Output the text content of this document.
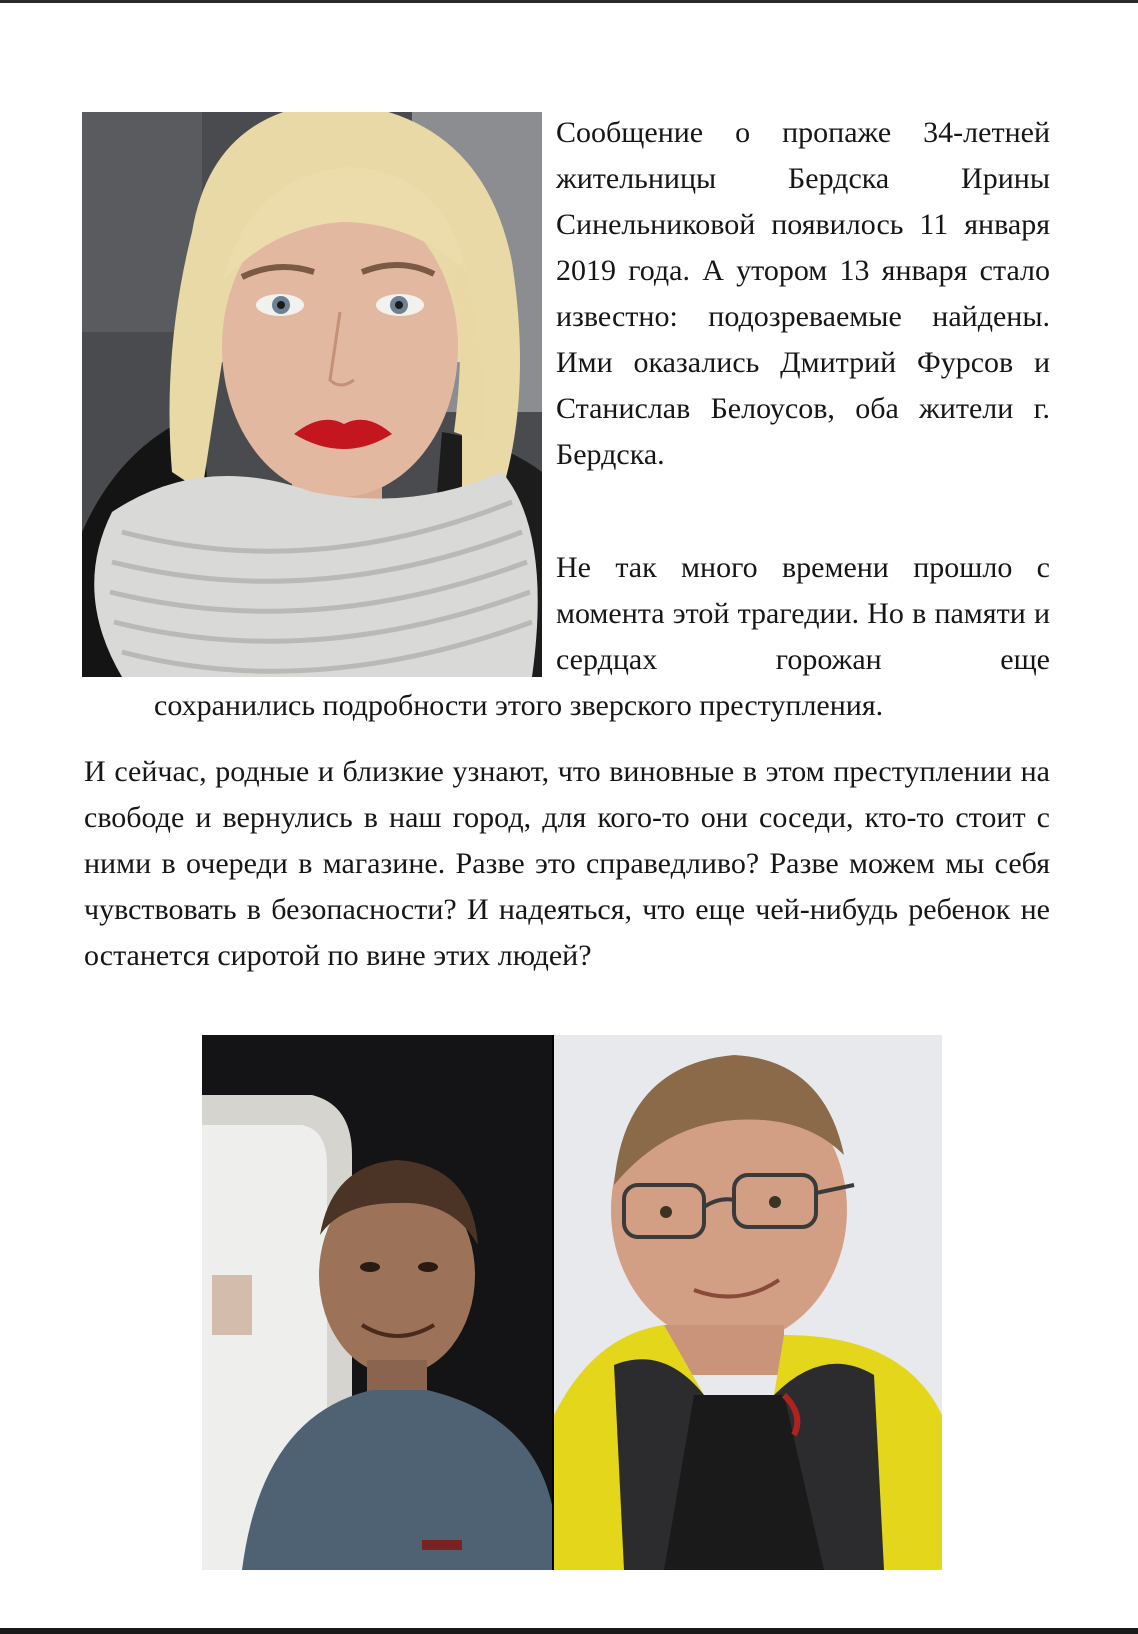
Сообщение о пропаже 34-летней жительницы Бердска Ирины Синельниковой появилось 11 января 2019 года. А утором 13 января стало известно: подозреваемые найдены. Ими оказались Дмитрий Фурсов и Станислав Белоусов, оба жители г. Бердска.

Не так много времени прошло с момента этой трагедии. Но в памяти и сердцах горожан еще

сохранились подробности этого зверского преступления.

И сейчас, родные и близкие узнают, что виновные в этом преступлении на свободе и вернулись в наш город, для кого-то они соседи, кто-то стоит с ними в очереди в магазине. Разве это справедливо? Разве можем мы себя чувствовать в безопасности? И надеяться, что еще чей-нибудь ребенок не останется сиротой по вине этих людей?
